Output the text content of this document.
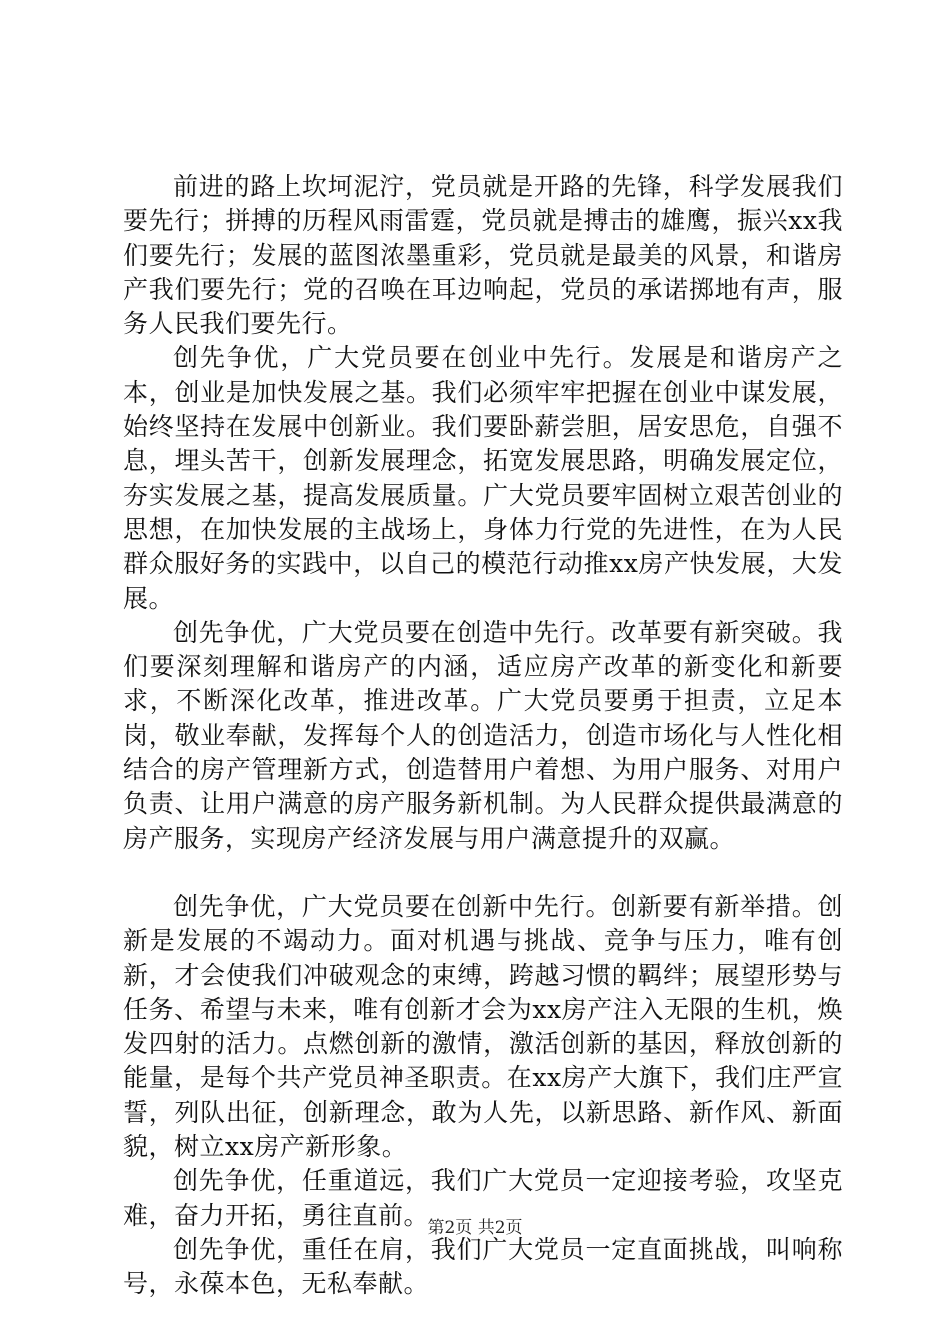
前进的路上坎坷泥泞，党员就是开路的先锋，科学发展我们要先行；拼搏的历程风雨雷霆，党员就是搏击的雄鹰，振兴xx我们要先行；发展的蓝图浓墨重彩，党员就是最美的风景，和谐房产我们要先行；党的召唤在耳边响起，党员的承诺掷地有声，服务人民我们要先行。

创先争优，广大党员要在创业中先行。发展是和谐房产之本，创业是加快发展之基。我们必须牢牢把握在创业中谋发展，始终坚持在发展中创新业。我们要卧薪尝胆，居安思危，自强不息，埋头苦干，创新发展理念，拓宽发展思路，明确发展定位，夯实发展之基，提高发展质量。广大党员要牢固树立艰苦创业的思想，在加快发展的主战场上，身体力行党的先进性，在为人民群众服好务的实践中，以自己的模范行动推xx房产快发展，大发展。

创先争优，广大党员要在创造中先行。改革要有新突破。我们要深刻理解和谐房产的内涵，适应房产改革的新变化和新要求，不断深化改革，推进改革。广大党员要勇于担责，立足本岗，敬业奉献，发挥每个人的创造活力，创造市场化与人性化相结合的房产管理新方式，创造替用户着想、为用户服务、对用户负责、让用户满意的房产服务新机制。为人民群众提供最满意的房产服务，实现房产经济发展与用户满意提升的双赢。

创先争优，广大党员要在创新中先行。创新要有新举措。创新是发展的不竭动力。面对机遇与挑战、竞争与压力，唯有创新，才会使我们冲破观念的束缚，跨越习惯的羁绊；展望形势与任务、希望与未来，唯有创新才会为xx房产注入无限的生机，焕发四射的活力。点燃创新的激情，激活创新的基因，释放创新的能量，是每个共产党员神圣职责。在xx房产大旗下，我们庄严宣誓，列队出征，创新理念，敢为人先，以新思路、新作风、新面貌，树立xx房产新形象。

创先争优，任重道远，我们广大党员一定迎接考验，攻坚克难，奋力开拓，勇往直前。

创先争优，重任在肩，我们广大党员一定直面挑战，叫响称号，永葆本色，无私奉献。

第2页 共2页
